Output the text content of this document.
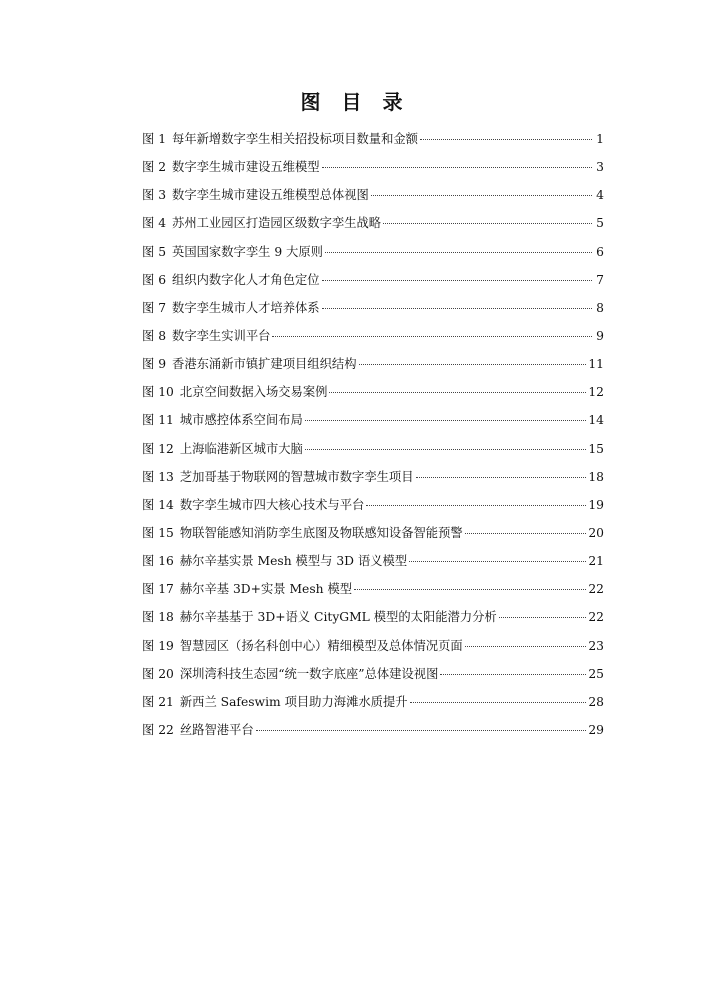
图 目 录
图 1 每年新增数字孪生相关招投标项目数量和金额	1
图 2 数字孪生城市建设五维模型	3
图 3 数字孪生城市建设五维模型总体视图	4
图 4 苏州工业园区打造园区级数字孪生战略	5
图 5 英国国家数字孪生 9 大原则	6
图 6 组织内数字化人才角色定位	7
图 7 数字孪生城市人才培养体系	8
图 8 数字孪生实训平台	9
图 9 香港东涌新市镇扩建项目组织结构	11
图 10 北京空间数据入场交易案例	12
图 11 城市感控体系空间布局	14
图 12 上海临港新区城市大脑	15
图 13 芝加哥基于物联网的智慧城市数字孪生项目	18
图 14 数字孪生城市四大核心技术与平台	19
图 15 物联智能感知消防孪生底图及物联感知设备智能预警	20
图 16 赫尔辛基实景 Mesh 模型与 3D 语义模型	21
图 17 赫尔辛基 3D+实景 Mesh 模型	22
图 18 赫尔辛基基于 3D+语义 CityGML 模型的太阳能潜力分析	22
图 19 智慧园区（扬名科创中心）精细模型及总体情况页面	23
图 20 深圳湾科技生态园“统一数字底座”总体建设视图	25
图 21 新西兰 Safeswim 项目助力海滩水质提升	28
图 22 丝路智港平台	29
